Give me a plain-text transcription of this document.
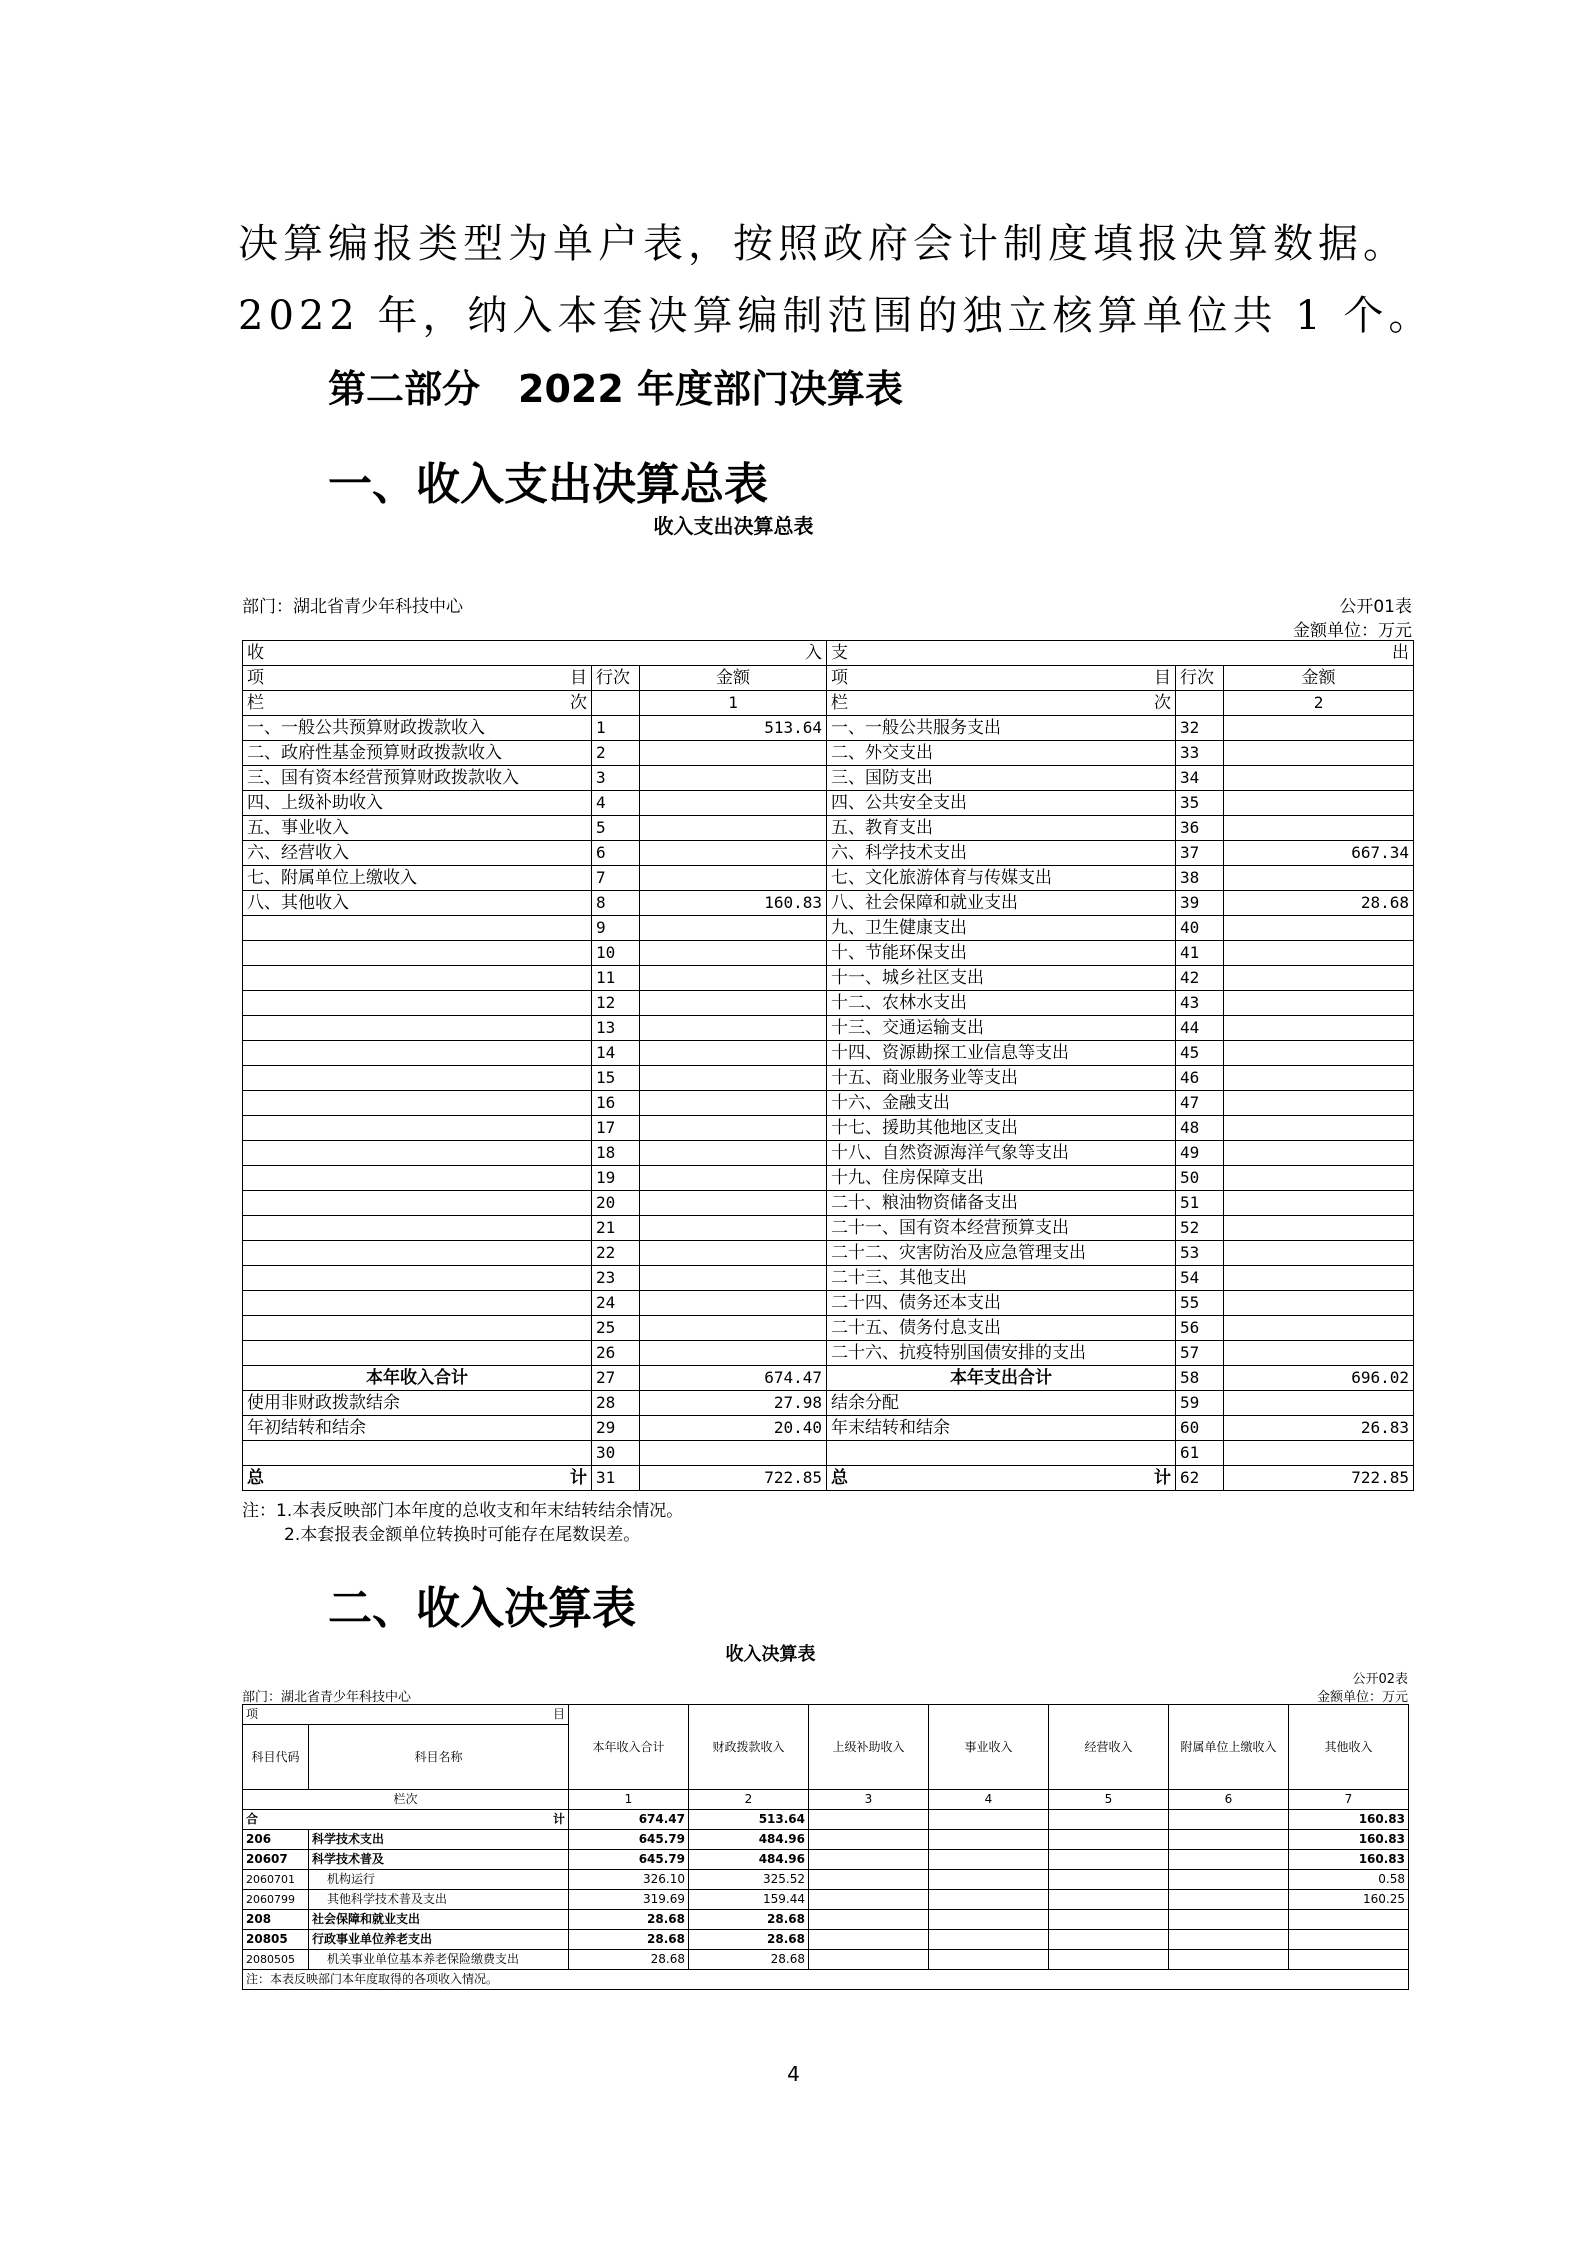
决算编报类型为单户表，按照政府会计制度填报决算数据。
2022 年，纳入本套决算编制范围的独立核算单位共 1 个。
第二部分　2022 年度部门决算表
一、收入支出决算总表
收入支出决算总表
部门：湖北省青少年科技中心	公开01表
金额单位：万元
收 入			支 出		

项 目	行次	金额	项 目	行次	金额

栏 次		1	栏 次		2
一、一般公共预算财政拨款收入	1	513.64	一、一般公共服务支出	32	
二、政府性基金预算财政拨款收入	2		二、外交支出	33	
三、国有资本经营预算财政拨款收入	3		三、国防支出	34	
四、上级补助收入	4		四、公共安全支出	35	
五、事业收入	5		五、教育支出	36	
六、经营收入	6		六、科学技术支出	37	667.34
七、附属单位上缴收入	7		七、文化旅游体育与传媒支出	38	
八、其他收入	8	160.83	八、社会保障和就业支出	39	28.68
	9		九、卫生健康支出	40	
	10		十、节能环保支出	41	
	11		十一、城乡社区支出	42	
	12		十二、农林水支出	43	
	13		十三、交通运输支出	44	
	14		十四、资源勘探工业信息等支出	45	
	15		十五、商业服务业等支出	46	
	16		十六、金融支出	47	
	17		十七、援助其他地区支出	48	
	18		十八、自然资源海洋气象等支出	49	
	19		十九、住房保障支出	50	
	20		二十、粮油物资储备支出	51	
	21		二十一、国有资本经营预算支出	52	
	22		二十二、灾害防治及应急管理支出	53	
	23		二十三、其他支出	54	
	24		二十四、债务还本支出	55	
	25		二十五、债务付息支出	56	
	26		二十六、抗疫特别国债安排的支出	57	
本年收入合计	27	674.47	本年支出合计	58	696.02
使用非财政拨款结余	28	27.98	结余分配	59	
年初结转和结余	29	20.40	年末结转和结余	60	26.83
	30			61	

总 计	31	722.85	总 计	62	722.85
注：1.本表反映部门本年度的总收支和年末结转结余情况。
2.本套报表金额单位转换时可能存在尾数误差。
二、收入决算表
收入决算表
公开02表
部门：湖北省青少年科技中心	金额单位：万元
项 目		本年收入合计	财政拨款收入	上级补助收入	事业收入	经营收入	附属单位上缴收入	其他收入
科目代码	科目名称							
栏次		1	2	3	4	5	6	7

合 计		674.47	513.64					160.83
206	科学技术支出	645.79	484.96					160.83
20607	科学技术普及	645.79	484.96					160.83
2060701	机构运行	326.10	325.52					0.58
2060799	其他科学技术普及支出	319.69	159.44					160.25
208	社会保障和就业支出	28.68	28.68					
20805	行政事业单位养老支出	28.68	28.68					
2080505	机关事业单位基本养老保险缴费支出	28.68	28.68					
注：本表反映部门本年度取得的各项收入情况。								
4
